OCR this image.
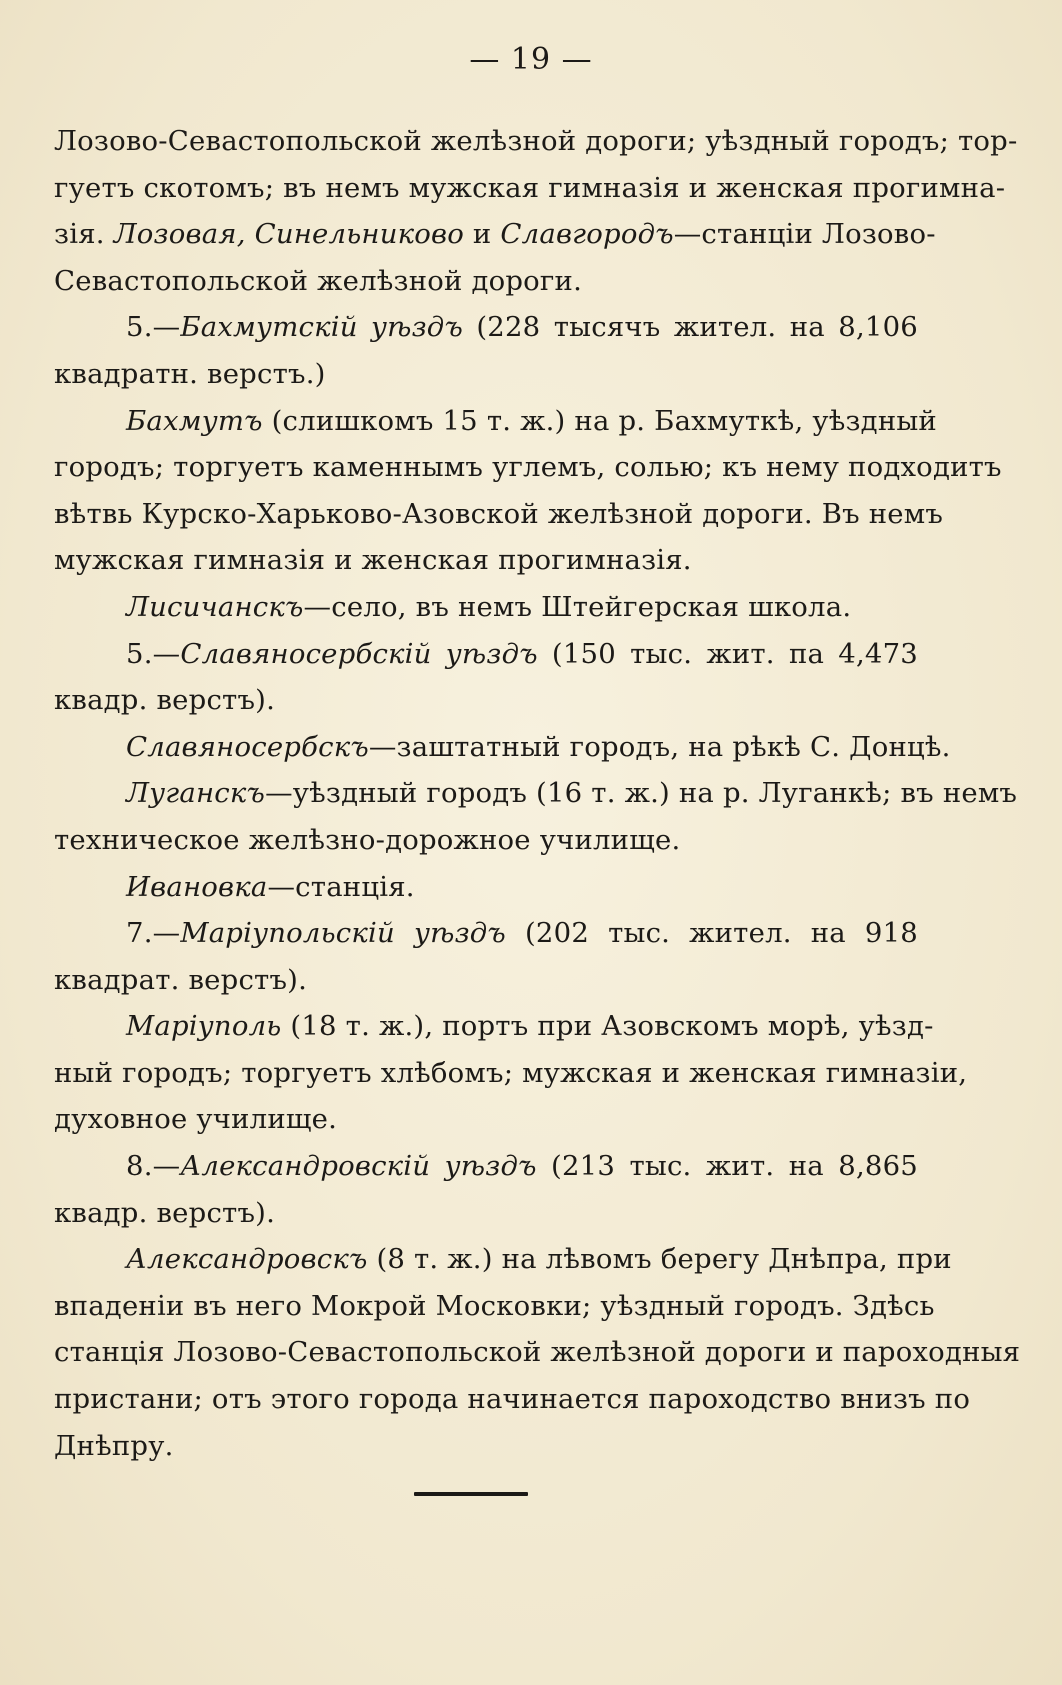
— 19 —
Лозово-Севастопольской желѣзной дороги; уѣздный городъ; тор-
гуетъ скотомъ; въ немъ мужская гимназія и женская прогимна-
зія. Лозовая, Синельниково и Славгородъ—станціи Лозово-
Севастопольской желѣзной дороги.
5.—Бахмутскій уѣздъ (228 тысячъ жител. на 8,106
квадратн. верстъ.)
Бахмутъ (слишкомъ 15 т. ж.) на р. Бахмуткѣ, уѣздный
городъ; торгуетъ каменнымъ углемъ, солью; къ нему подходитъ
вѣтвь Курско-Харьково-Азовской желѣзной дороги. Въ немъ
мужская гимназія и женская прогимназія.
Лисичанскъ—село, въ немъ Штейгерская школа.
5.—Славяносербскій уѣздъ (150 тыс. жит. па 4,473
квадр. верстъ).
Славяносербскъ—заштатный городъ, на рѣкѣ С. Донцѣ.
Луганскъ—уѣздный городъ (16 т. ж.) на р. Луганкѣ; въ немъ
техническое желѣзно-дорожное училище.
Ивановка—станція.
7.—Маріупольскій уѣздъ (202 тыс. жител. на 918
квадрат. верстъ).
Маріуполь (18 т. ж.), портъ при Азовскомъ морѣ, уѣзд-
ный городъ; торгуетъ хлѣбомъ; мужская и женская гимназіи,
духовное училище.
8.—Александровскій уѣздъ (213 тыс. жит. на 8,865
квадр. верстъ).
Александровскъ (8 т. ж.) на лѣвомъ берегу Днѣпра, при
впаденіи въ него Мокрой Московки; уѣздный городъ. Здѣсь
станція Лозово-Севастопольской желѣзной дороги и пароходныя
пристани; отъ этого города начинается пароходство внизъ по
Днѣпру.
